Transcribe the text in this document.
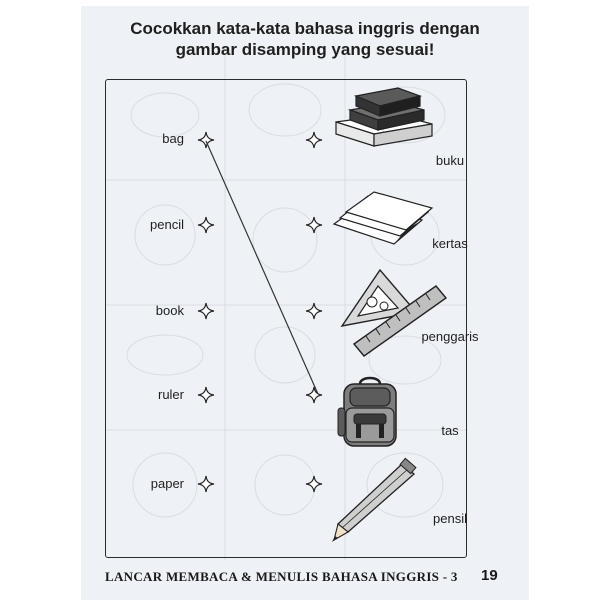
Cocokkan kata-kata bahasa inggris dengan
gambar disamping yang sesuai!
bag
pencil
book
ruler
paper
buku
kertas
penggaris
tas
pensil
LANCAR MEMBACA & MENULIS BAHASA INGGRIS - 3 19
